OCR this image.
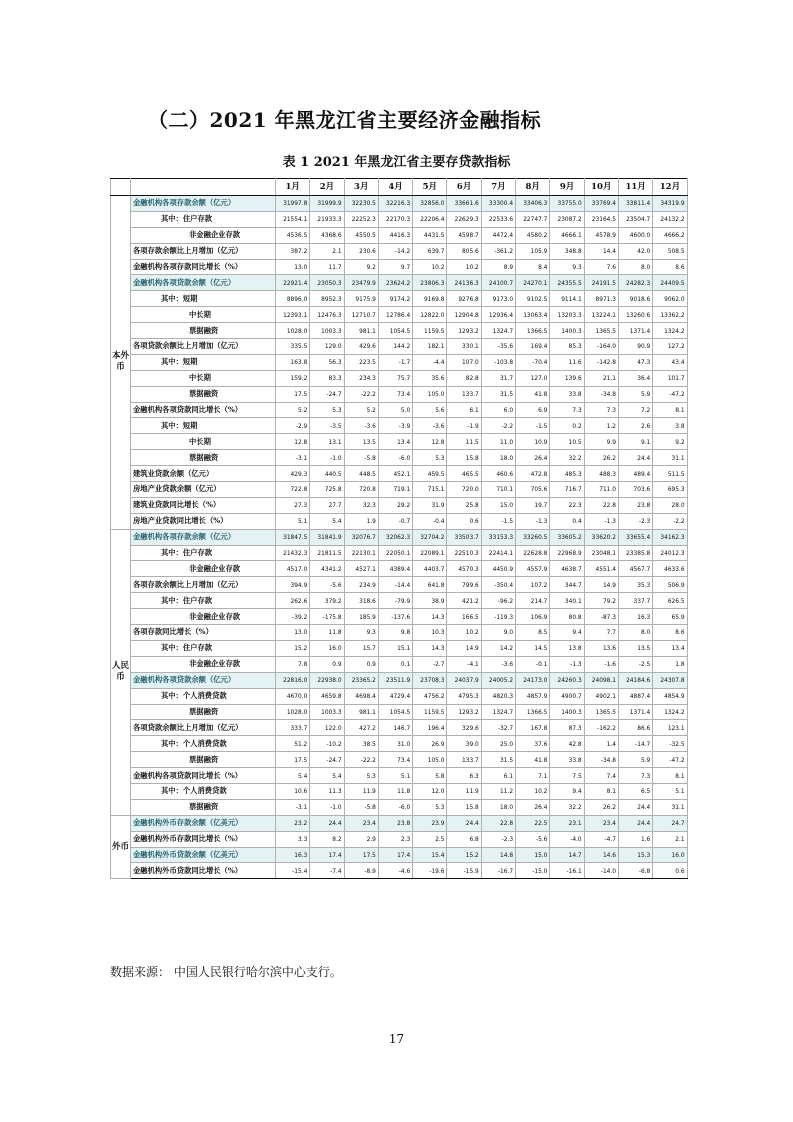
（二）2021 年黑龙江省主要经济金融指标
表 1 2021 年黑龙江省主要存贷款指标
		1月	2月	3月	4月	5月	6月	7月	8月	9月	10月	11月	12月
本外币	金融机构各项存款余额（亿元）	31997.8	31999.9	32230.5	32216.3	32856.0	33661.6	33300.4	33406.3	33755.0	33769.4	33811.4	34319.9
	其中：住户存款	21554.1	21933.3	22252.3	22170.3	22206.4	22629.3	22533.6	22747.7	23087.2	23164.5	23504.7	24132.2
	非金融企业存款	4536.5	4368.6	4550.5	4416.3	4431.5	4598.7	4472.4	4580.2	4666.1	4578.9	4600.0	4666.2
	各项存款余额比上月增加（亿元）	387.2	2.1	230.6	-14.2	639.7	805.6	-361.2	105.9	348.8	14.4	42.0	508.5
	金融机构各项存款同比增长（%）	13.0	11.7	9.2	9.7	10.2	10.2	8.9	8.4	9.3	7.6	8.0	8.6
	金融机构各项贷款余额（亿元）	22921.4	23050.3	23479.9	23624.2	23806.3	24136.3	24100.7	24270.1	24355.5	24191.5	24282.3	24409.5
	其中：短期	8896.0	8952.3	9175.9	9174.2	9169.8	9276.8	9173.0	9102.5	9114.1	8971.3	9018.6	9062.0
	中长期	12393.1	12476.3	12710.7	12786.4	12822.0	12904.8	12936.4	13063.4	13203.3	13224.1	13260.6	13362.2
	票据融资	1028.0	1003.3	981.1	1054.5	1159.5	1293.2	1324.7	1366.5	1400.3	1365.5	1371.4	1324.2
	各项贷款余额比上月增加（亿元）	335.5	129.0	429.6	144.2	182.1	330.1	-35.6	169.4	85.3	-164.0	90.9	127.2
	其中：短期	163.8	56.3	223.5	-1.7	-4.4	107.0	-103.8	-70.4	11.6	-142.8	47.3	43.4
	中长期	159.2	83.3	234.3	75.7	35.6	82.8	31.7	127.0	139.6	21.1	36.4	101.7
	票据融资	17.5	-24.7	-22.2	73.4	105.0	133.7	31.5	41.8	33.8	-34.8	5.9	-47.2
	金融机构各项贷款同比增长（%）	5.2	5.3	5.2	5.0	5.6	6.1	6.0	6.9	7.3	7.3	7.2	8.1
	其中：短期	-2.9	-3.5	-3.6	-3.9	-3.6	-1.9	-2.2	-1.5	0.2	1.2	2.6	3.8
	中长期	12.8	13.1	13.5	13.4	12.8	11.5	11.0	10.9	10.5	9.9	9.1	9.2
	票据融资	-3.1	-1.0	-5.8	-6.0	5.3	15.8	18.0	26.4	32.2	26.2	24.4	31.1
	建筑业贷款余额（亿元）	429.3	440.5	448.5	452.1	459.5	465.5	460.6	472.8	485.3	488.3	489.4	511.5
	房地产业贷款余额（亿元）	722.8	725.8	720.8	719.1	715.1	720.0	710.1	705.6	716.7	711.0	703.6	695.3
	建筑业贷款同比增长（%）	27.3	27.7	32.3	29.2	31.9	25.8	15.0	19.7	22.3	22.8	23.8	28.0
	房地产业贷款同比增长（%）	5.1	5.4	1.9	-0.7	-0.4	0.6	-1.5	-1.3	0.4	-1.3	-2.3	-2.2
人民币	金融机构各项存款余额（亿元）	31847.5	31841.9	32076.7	32062.3	32704.2	33503.7	33153.3	33260.5	33605.2	33620.2	33655.4	34162.3
	其中：住户存款	21432.3	21811.5	22130.1	22050.1	22089.1	22510.3	22414.1	22628.8	22968.9	23048.1	23385.8	24012.3
	非金融企业存款	4517.0	4341.2	4527.1	4389.4	4403.7	4570.3	4450.9	4557.9	4638.7	4551.4	4567.7	4633.6
	各项存款余额比上月增加（亿元）	394.9	-5.6	234.9	-14.4	641.8	799.6	-350.4	107.2	344.7	14.9	35.3	506.9
	其中：住户存款	262.6	379.2	318.6	-79.9	38.9	421.2	-96.2	214.7	340.1	79.2	337.7	626.5
	非金融企业存款	-39.2	-175.8	185.9	-137.6	14.3	166.5	-119.3	106.9	80.8	-87.3	16.3	65.9
	各项存款同比增长（%）	13.0	11.8	9.3	9.8	10.3	10.2	9.0	8.5	9.4	7.7	8.0	8.6
	其中：住户存款	15.2	16.0	15.7	15.1	14.3	14.9	14.2	14.5	13.8	13.6	13.5	13.4
	非金融企业存款	7.8	0.9	0.9	0.1	-2.7	-4.1	-3.6	-0.1	-1.3	-1.6	-2.5	1.8
	金融机构各项贷款余额（亿元）	22816.0	22938.0	23365.2	23511.9	23708.3	24037.9	24005.2	24173.0	24260.3	24098.1	24184.6	24307.8
	其中：个人消费贷款	4670.0	4659.8	4698.4	4729.4	4756.2	4795.3	4820.3	4857.9	4900.7	4902.1	4887.4	4854.9
	票据融资	1028.0	1003.3	981.1	1054.5	1159.5	1293.2	1324.7	1366.5	1400.3	1365.5	1371.4	1324.2
	各项贷款余额比上月增加（亿元）	333.7	122.0	427.2	146.7	196.4	329.6	-32.7	167.8	87.3	-162.2	86.6	123.1
	其中：个人消费贷款	51.2	-10.2	38.5	31.0	26.9	39.0	25.0	37.6	42.8	1.4	-14.7	-32.5
	票据融资	17.5	-24.7	-22.2	73.4	105.0	133.7	31.5	41.8	33.8	-34.8	5.9	-47.2
	金融机构各项贷款同比增长（%）	5.4	5.4	5.3	5.1	5.8	6.3	6.1	7.1	7.5	7.4	7.3	8.1
	其中：个人消费贷款	10.6	11.3	11.9	11.8	12.0	11.9	11.2	10.2	9.4	8.1	6.5	5.1
	票据融资	-3.1	-1.0	-5.8	-6.0	5.3	15.8	18.0	26.4	32.2	26.2	24.4	31.1
外币	金融机构外币存款余额（亿美元）	23.2	24.4	23.4	23.8	23.9	24.4	22.8	22.5	23.1	23.4	24.4	24.7
	金融机构外币存款同比增长（%）	3.3	8.2	2.9	2.3	2.5	6.8	-2.3	-5.6	-4.0	-4.7	1.6	2.1
	金融机构外币贷款余额（亿美元）	16.3	17.4	17.5	17.4	15.4	15.2	14.8	15.0	14.7	14.6	15.3	16.0
	金融机构外币贷款同比增长（%）	-15.4	-7.4	-8.9	-4.6	-19.6	-15.9	-16.7	-15.0	-16.1	-14.0	-6.8	0.6
数据来源： 中国人民银行哈尔滨中心支行。
17
